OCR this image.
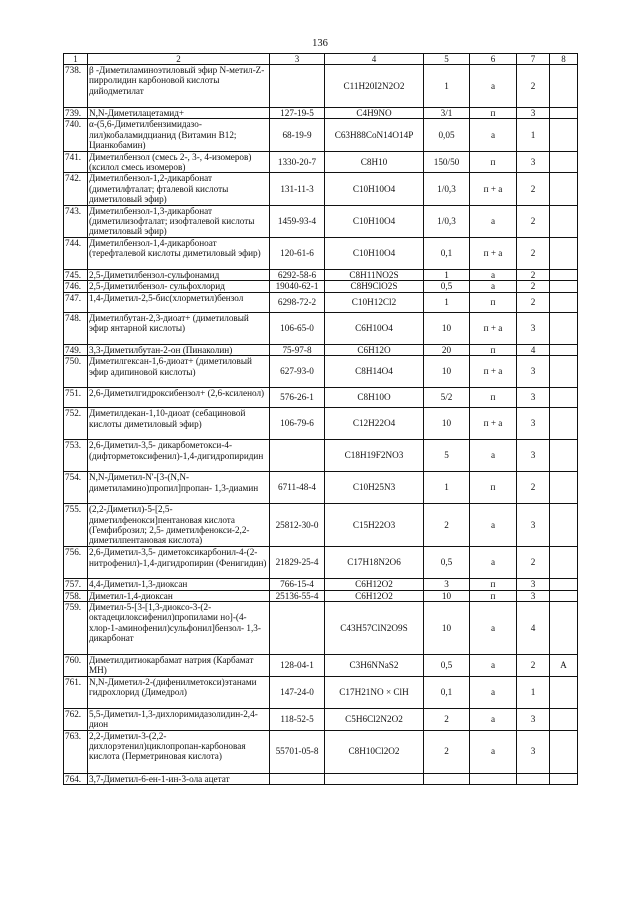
136
1	2	3	4	5	6	7	8
738.	β -Диметиламиноэтиловый эфир N-метил-Z-пирролидин карбоновой кислоты дийодметилат		C11H20I2N2O2	1	а	2	
739.	N,N-Диметилацетамид+	127-19-5	C4H9NO	3/1	п	3	
740.	α-(5,6-Диметилбензимидазо-лил)кобаламидцианид (Витамин B12; Цианкобамин)	68-19-9	C63H88CoN14O14P	0,05	а	1	
741.	Диметилбензол (смесь 2-, 3-, 4-изомеров) (ксилол смесь изомеров)	1330-20-7	C8H10	150/50	п	3	
742.	Диметилбензол-1,2-дикарбонат (диметилфталат; фталевой кислоты диметиловый эфир)	131-11-3	C10H10O4	1/0,3	п + а	2	
743.	Диметилбензол-1,3-дикарбонат (диметилизофталат; изофталевой кислоты диметиловый эфир)	1459-93-4	C10H10O4	1/0,3	а	2	
744.	Диметилбензол-1,4-дикарбоноат (терефталевой кислоты диметиловый эфир)	120-61-6	C10H10O4	0,1	п + а	2	
745.	2,5-Диметилбензол-сульфонамид	6292-58-6	C8H11NO2S	1	а	2	
746.	2,5-Диметилбензол- сульфохлорид	19040-62-1	C8H9ClO2S	0,5	а	2	
747.	1,4-Диметил-2,5-бис(хлорметил)бензол	6298-72-2	C10H12Cl2	1	п	2	
748.	Диметилбутан-2,3-диоат+ (диметиловый эфир янтарной кислоты)	106-65-0	C6H10O4	10	п + а	3	
749.	3,3-Диметилбутан-2-он (Пинаколин)	75-97-8	C6H12O	20	п	4	
750.	Диметилгексан-1,6-диоат+ (диметиловый эфир адипиновой кислоты)	627-93-0	C8H14O4	10	п + а	3	
751.	2,6-Диметилгидроксибензол+ (2,6-ксиленол)	576-26-1	C8H10O	5/2	п	3	
752.	Диметилдекан-1,10-диоат (себациновой кислоты диметиловый эфир)	106-79-6	C12H22O4	10	п + а	3	
753.	2,6-Диметил-3,5- дикарбометокси-4-(дифторметоксифенил)-1,4-дигидропиридин		C18H19F2NO3	5	а	3	
754.	N,N-Диметил-N'-[3-(N,N-диметиламино)пропил]пропан- 1,3-диамин	6711-48-4	C10H25N3	1	п	2	
755.	(2,2-Диметил)-5-[2,5-диметилфенокси]пентановая кислота (Гемфиброзил; 2,5- диметилфенокси-2,2- диметилпентановая кислота)	25812-30-0	C15H22O3	2	а	3	
756.	2,6-Диметил-3,5- диметоксикарбонил-4-(2- нитрофенил)-1,4-дигидропирин (Фенигидин)	21829-25-4	C17H18N2O6	0,5	а	2	
757.	4,4-Диметил-1,3-диоксан	766-15-4	C6H12O2	3	п	3	
758.	Диметил-1,4-диоксан	25136-55-4	C6H12O2	10	п	3	
759.	Диметил-5-[3-[1,3-диоксо-3-(2-октадецилоксифенил)пропилами но]-(4-хлор-1-аминофенил)сульфонил]бензол- 1,3-дикарбонат		C43H57ClN2O9S	10	а	4	
760.	Диметилдитиокарбамат натрия (Карбамат МН)	128-04-1	C3H6NNaS2	0,5	а	2	А
761.	N,N-Диметил-2-(дифенилметокси)этанами гидрохлорид (Димедрол)	147-24-0	C17H21NO × ClH	0,1	а	1	
762.	5,5-Диметил-1,3-дихлоримидазолидин-2,4-дион	118-52-5	C5H6Cl2N2O2	2	а	3	
763.	2,2-Диметил-3-(2,2-дихлорэтенил)циклопропан-карбоновая кислота (Перметриновая кислота)	55701-05-8	C8H10Cl2O2	2	а	3	
764.	3,7-Диметил-6-ен-1-ин-3-ола ацетат						
